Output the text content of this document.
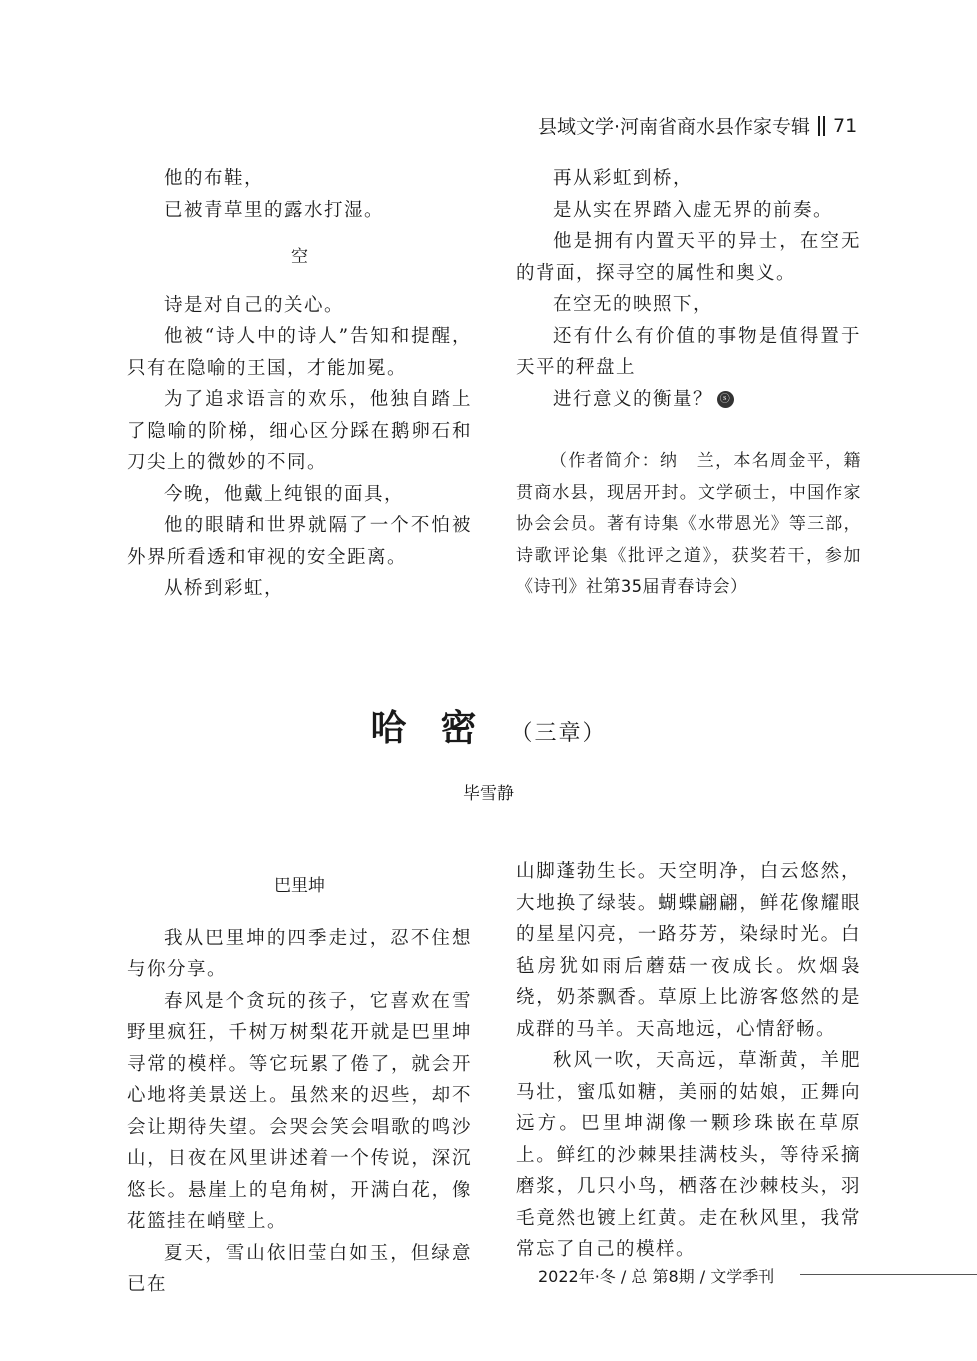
县域文学·河南省商水县作家专辑 71

他的布鞋，

已被青草里的露水打湿。

空

诗是对自己的关心。

他被“诗人中的诗人”告知和提醒，只有在隐喻的王国，才能加冕。

为了追求语言的欢乐，他独自踏上了隐喻的阶梯，细心区分踩在鹅卵石和刀尖上的微妙的不同。

今晚，他戴上纯银的面具，

他的眼睛和世界就隔了一个不怕被外界所看透和审视的安全距离。

从桥到彩虹，

再从彩虹到桥，

是从实在界踏入虚无界的前奏。

他是拥有内置天平的异士，在空无的背面，探寻空的属性和奥义。

在空无的映照下，

还有什么有价值的事物是值得置于天平的秤盘上

进行意义的衡量？ ⓢ

（作者简介：纳　兰，本名周金平，籍贯商水县，现居开封。文学硕士，中国作家协会会员。著有诗集《水带恩光》等三部，诗歌评论集《批评之道》，获奖若干，参加《诗刊》社第35届青春诗会）

哈密（三章）
毕雪静
巴里坤

我从巴里坤的四季走过，忍不住想与你分享。

春风是个贪玩的孩子，它喜欢在雪野里疯狂，千树万树梨花开就是巴里坤寻常的模样。等它玩累了倦了，就会开心地将美景送上。虽然来的迟些，却不会让期待失望。会哭会笑会唱歌的鸣沙山，日夜在风里讲述着一个传说，深沉悠长。悬崖上的皂角树，开满白花，像花篮挂在峭壁上。

夏天，雪山依旧莹白如玉，但绿意已在

山脚蓬勃生长。天空明净，白云悠然，大地换了绿装。蝴蝶翩翩，鲜花像耀眼的星星闪亮，一路芬芳，染绿时光。白毡房犹如雨后蘑菇一夜成长。炊烟袅绕，奶茶飘香。草原上比游客悠然的是成群的马羊。天高地远，心情舒畅。

秋风一吹，天高远，草渐黄，羊肥马壮，蜜瓜如糖，美丽的姑娘，正舞向远方。巴里坤湖像一颗珍珠嵌在草原上。鲜红的沙棘果挂满枝头，等待采摘磨浆，几只小鸟，栖落在沙棘枝头，羽毛竟然也镀上红黄。走在秋风里，我常常忘了自己的模样。

2022年·冬 / 总 第8期 / 文学季刊
